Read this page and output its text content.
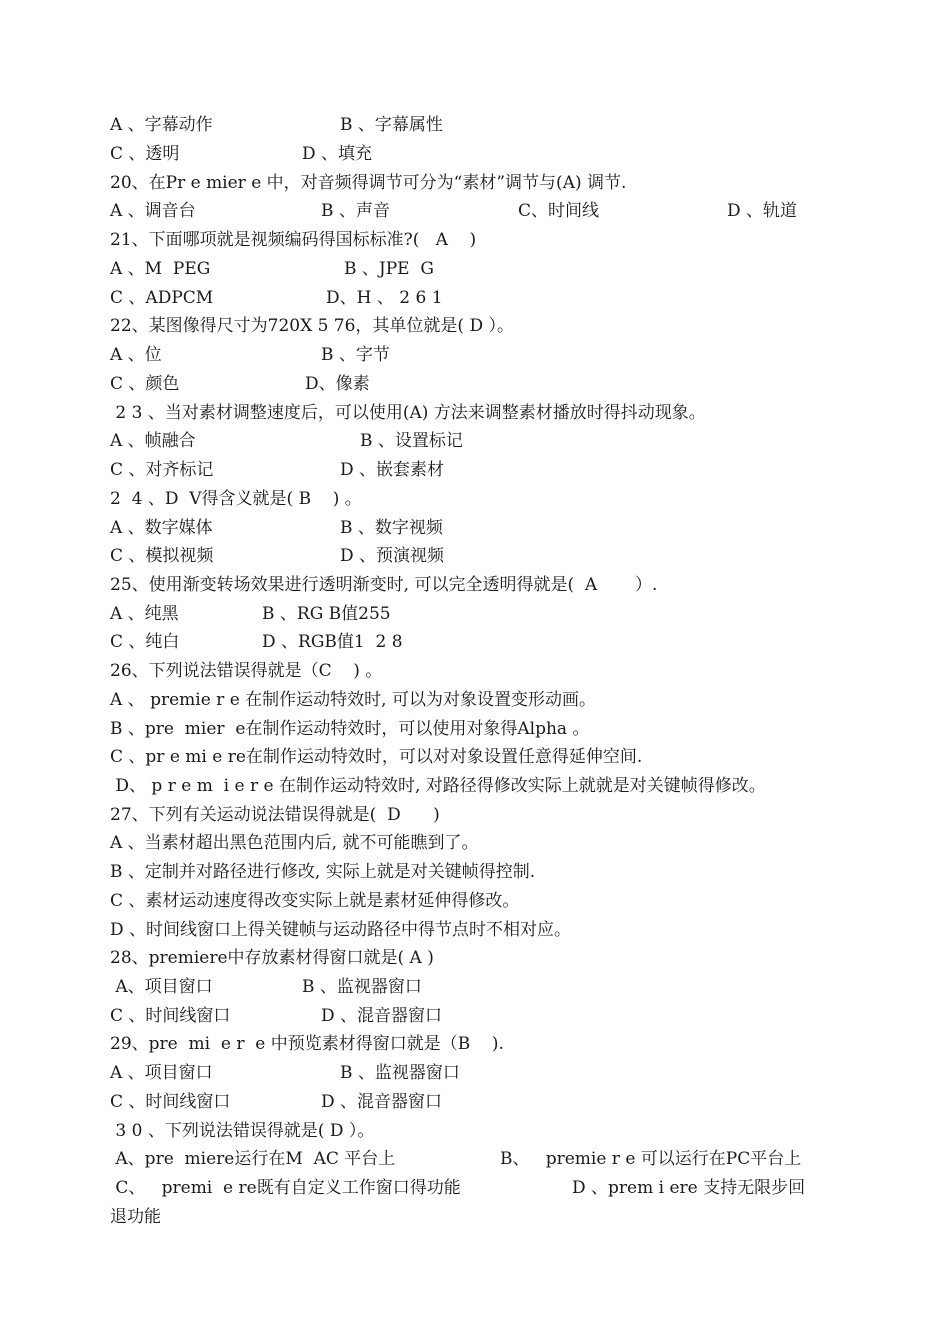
A 、字幕动作	B 、字幕属性
C 、透明	D 、填充
20、在Pr e mier e 中，对音频得调节可分为“素材”调节与(A) 调节.
A 、调音台	B 、声音	C、时间线	D 、轨道
21、下面哪项就是视频编码得国标标准?(   A    )
A 、M  PEG	B 、JPE  G
C 、ADPCM	D、H 、 2 6 1
22、某图像得尺寸为720X 5 76，其单位就是( D ）。
A 、位	B 、字节
C 、颜色	D、像素
2 3 、当对素材调整速度后，可以使用(A) 方法来调整素材播放时得抖动现象。
A 、帧融合	B 、设置标记
C 、对齐标记	D 、嵌套素材
2  4 、D  V得含义就是( B    ) 。
A 、数字媒体	B 、数字视频
C 、模拟视频	D 、预演视频
25、使用渐变转场效果进行透明渐变时, 可以完全透明得就是(  A       ）.
A 、纯黑	B 、RG B值255
C 、纯白	D 、RGB值1  2 8
26、下列说法错误得就是（C    ) 。
A 、 premie r e 在制作运动特效时, 可以为对象设置变形动画。
B 、pre  mier  e在制作运动特效时，可以使用对象得Alpha 。
C 、pr e mi e re在制作运动特效时，可以对对象设置任意得延伸空间.
D、 p r e m  i e r e 在制作运动特效时, 对路径得修改实际上就就是对关键帧得修改。
27、下列有关运动说法错误得就是(  D      )
A 、当素材超出黑色范围内后, 就不可能瞧到了。
B 、定制并对路径进行修改, 实际上就是对关键帧得控制.
C 、素材运动速度得改变实际上就是素材延伸得修改。
D 、时间线窗口上得关键帧与运动路径中得节点时不相对应。
28、premiere中存放素材得窗口就是( A )
A、项目窗口	B 、监视器窗口
C 、时间线窗口	D 、混音器窗口
29、pre  mi  e r  e 中预览素材得窗口就是（B    ).
A 、项目窗口	B 、监视器窗口
C 、时间线窗口	D 、混音器窗口
3 0 、下列说法错误得就是( D ）。
A、pre  miere运行在M  AC 平台上	B、   premie r e 可以运行在PC平台上
C、   premi  e re既有自定义工作窗口得功能	D 、prem i ere 支持无限步回
退功能
